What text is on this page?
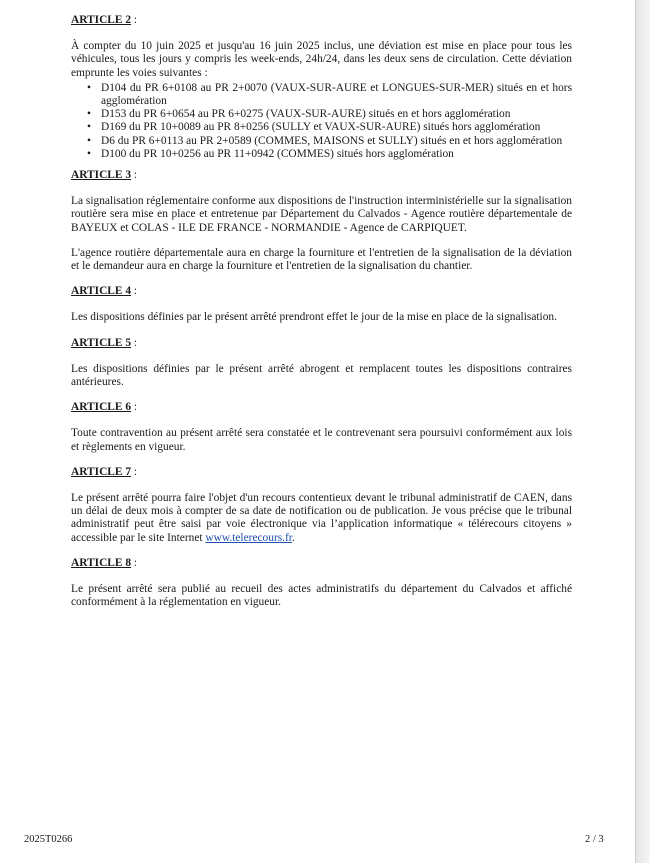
ARTICLE 2 :

À compter du 10 juin 2025 et jusqu'au 16 juin 2025 inclus, une déviation est mise en place pour tous les véhicules, tous les jours y compris les week-ends, 24h/24, dans les deux sens de circulation. Cette déviation emprunte les voies suivantes :

• D104 du PR 6+0108 au PR 2+0070 (VAUX-SUR-AURE et LONGUES-SUR-MER) situés en et hors agglomération
• D153 du PR 6+0654 au PR 6+0275 (VAUX-SUR-AURE) situés en et hors agglomération
• D169 du PR 10+0089 au PR 8+0256 (SULLY et VAUX-SUR-AURE) situés hors agglomération
• D6 du PR 6+0113 au PR 2+0589 (COMMES, MAISONS et SULLY) situés en et hors agglomération
• D100 du PR 10+0256 au PR 11+0942 (COMMES) situés hors agglomération
ARTICLE 3 :

La signalisation réglementaire conforme aux dispositions de l'instruction interministérielle sur la signalisation routière sera mise en place et entretenue par Département du Calvados - Agence routière départementale de BAYEUX et COLAS - ILE DE FRANCE - NORMANDIE - Agence de CARPIQUET.

L'agence routière départementale aura en charge la fourniture et l'entretien de la signalisation de la déviation et le demandeur aura en charge la fourniture et l'entretien de la signalisation du chantier.

ARTICLE 4 :

Les dispositions définies par le présent arrêté prendront effet le jour de la mise en place de la signalisation.

ARTICLE 5 :

Les dispositions définies par le présent arrêté abrogent et remplacent toutes les dispositions contraires antérieures.

ARTICLE 6 :

Toute contravention au présent arrêté sera constatée et le contrevenant sera poursuivi conformément aux lois et règlements en vigueur.

ARTICLE 7 :

Le présent arrêté pourra faire l'objet d'un recours contentieux devant le tribunal administratif de CAEN, dans un délai de deux mois à compter de sa date de notification ou de publication. Je vous précise que le tribunal administratif peut être saisi par voie électronique via l’application informatique « télérecours citoyens » accessible par le site Internet www.telerecours.fr.

ARTICLE 8 :

Le présent arrêté sera publié au recueil des actes administratifs du département du Calvados et affiché conformément à la réglementation en vigueur.

2025T0266	2 / 3
